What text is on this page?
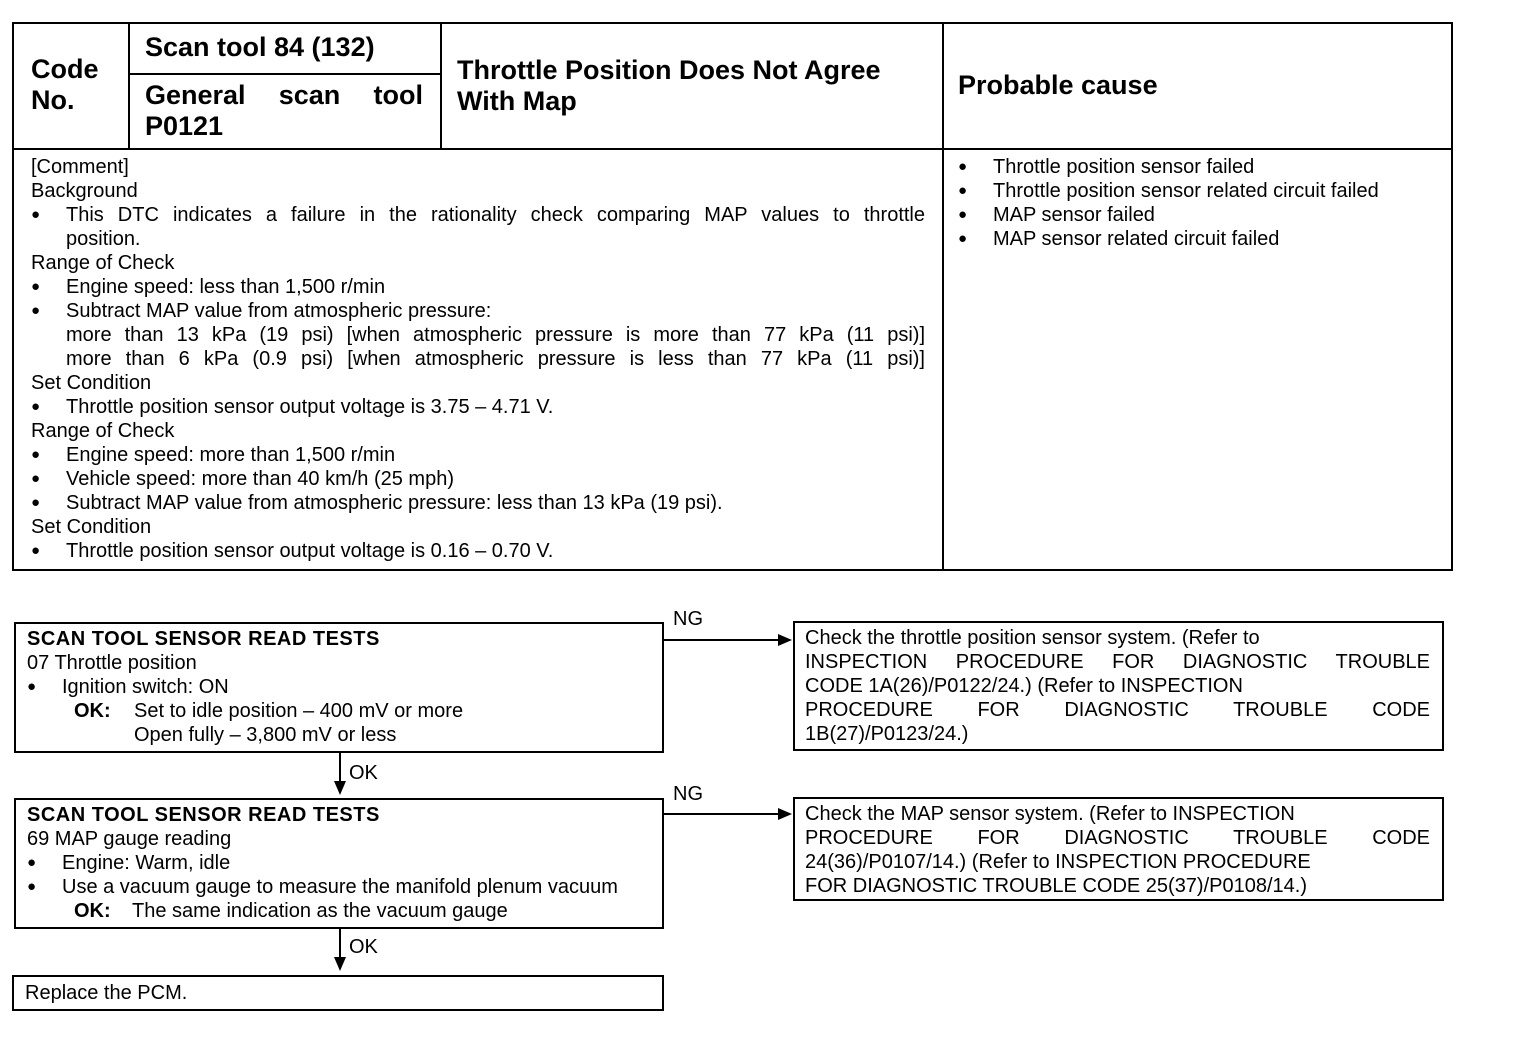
Code No.
Scan tool 84 (132)
General scan tool P0121
Throttle Position Does Not Agree With Map
Probable cause
[Comment]
Background
● This DTC indicates a failure in the rationality check comparing MAP values to throttle
position.
Range of Check
● Engine speed: less than 1,500 r/min
● Subtract MAP value from atmospheric pressure:
more than 13 kPa (19 psi) [when atmospheric pressure is more than 77 kPa (11 psi)]
more than 6 kPa (0.9 psi) [when atmospheric pressure is less than 77 kPa (11 psi)]
Set Condition
● Throttle position sensor output voltage is 3.75 – 4.71 V.
Range of Check
● Engine speed: more than 1,500 r/min
● Vehicle speed: more than 40 km/h (25 mph)
● Subtract MAP value from atmospheric pressure: less than 13 kPa (19 psi).
Set Condition
● Throttle position sensor output voltage is 0.16 – 0.70 V.
● Throttle position sensor failed
● Throttle position sensor related circuit failed
● MAP sensor failed
● MAP sensor related circuit failed
SCAN TOOL SENSOR READ TESTS
07 Throttle position
● Ignition switch: ON
OK: Set to idle position – 400 mV or more
Open fully – 3,800 mV or less
NG
Check the throttle position sensor system. (Refer to
INSPECTION PROCEDURE FOR DIAGNOSTIC TROUBLE
CODE 1A(26)/P0122/24.) (Refer to INSPECTION
PROCEDURE FOR DIAGNOSTIC TROUBLE CODE
1B(27)/P0123/24.)
OK
SCAN TOOL SENSOR READ TESTS
69 MAP gauge reading
● Engine: Warm, idle
● Use a vacuum gauge to measure the manifold plenum vacuum
OK: The same indication as the vacuum gauge
NG
Check the MAP sensor system. (Refer to INSPECTION
PROCEDURE FOR DIAGNOSTIC TROUBLE CODE
24(36)/P0107/14.) (Refer to INSPECTION PROCEDURE
FOR DIAGNOSTIC TROUBLE CODE 25(37)/P0108/14.)
OK
Replace the PCM.
